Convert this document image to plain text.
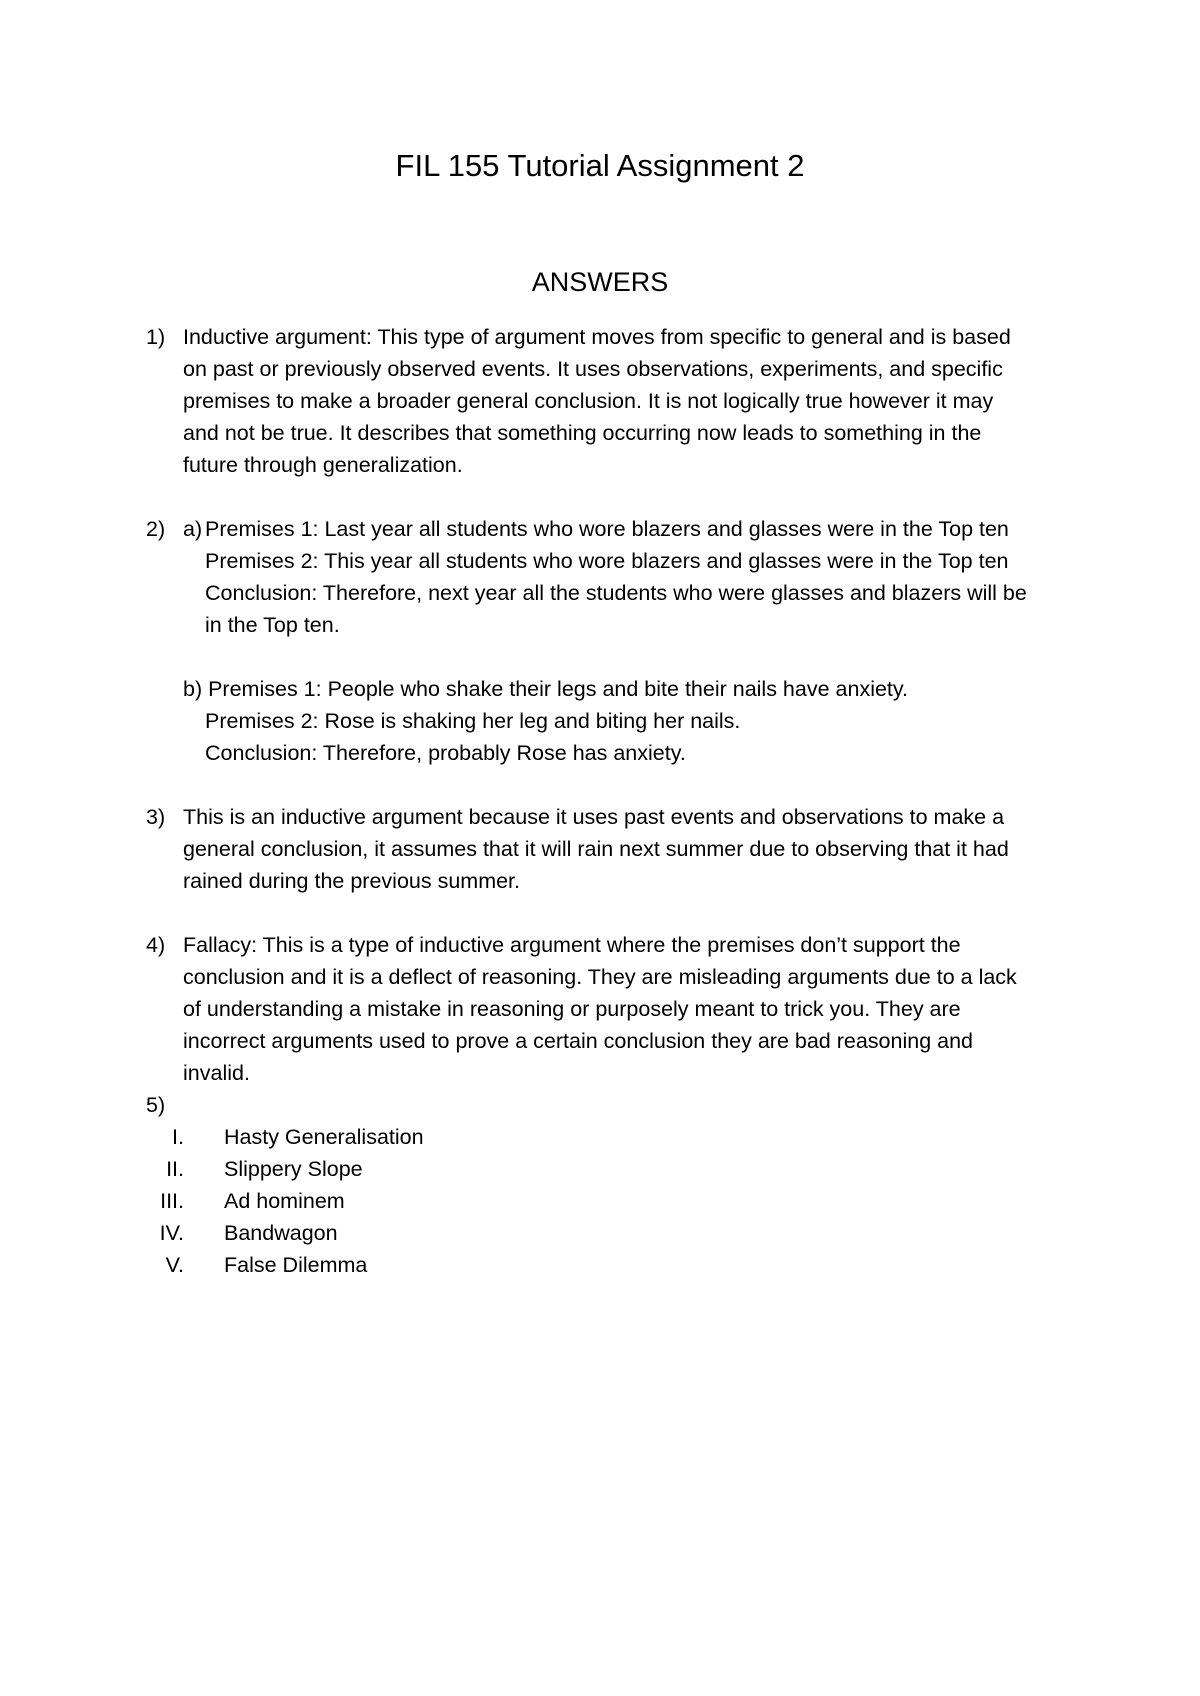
FIL 155 Tutorial Assignment 2
ANSWERS
1) Inductive argument: This type of argument moves from specific to general and is based
on past or previously observed events. It uses observations, experiments, and specific
premises to make a broader general conclusion. It is not logically true however it may
and not be true. It describes that something occurring now leads to something in the
future through generalization.
2) a) Premises 1: Last year all students who wore blazers and glasses were in the Top ten
Premises 2: This year all students who wore blazers and glasses were in the Top ten
Conclusion: Therefore, next year all the students who were glasses and blazers will be
in the Top ten.
b) Premises 1: People who shake their legs and bite their nails have anxiety.
Premises 2: Rose is shaking her leg and biting her nails.
Conclusion: Therefore, probably Rose has anxiety.
3) This is an inductive argument because it uses past events and observations to make a
general conclusion, it assumes that it will rain next summer due to observing that it had
rained during the previous summer.
4) Fallacy: This is a type of inductive argument where the premises don’t support the
conclusion and it is a deflect of reasoning. They are misleading arguments due to a lack
of understanding a mistake in reasoning or purposely meant to trick you. They are
incorrect arguments used to prove a certain conclusion they are bad reasoning and
invalid.
5)
I. Hasty Generalisation
II. Slippery Slope
III. Ad hominem
IV. Bandwagon
V. False Dilemma
